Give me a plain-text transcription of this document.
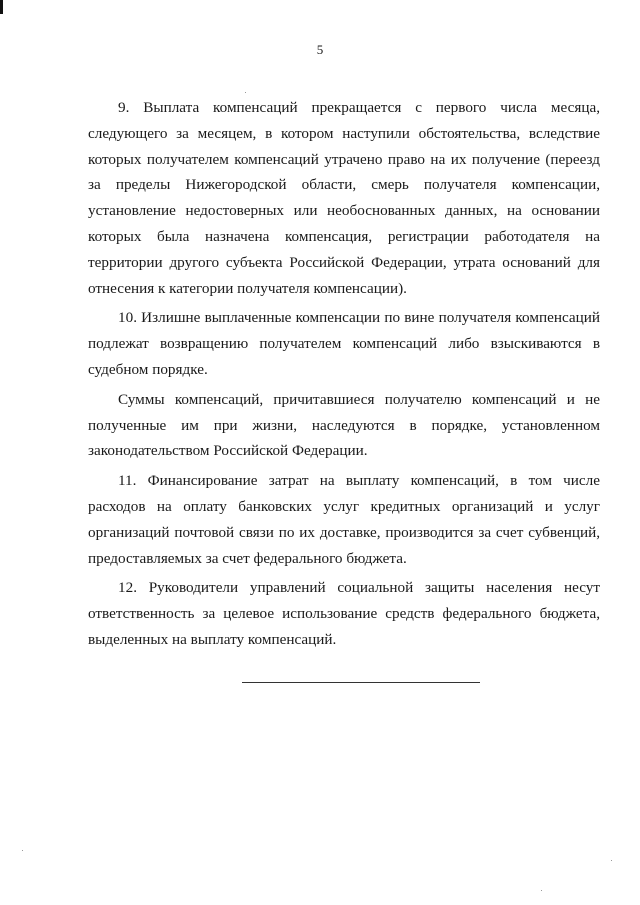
5

9. Выплата компенсаций прекращается с первого числа месяца, следующего за месяцем, в котором наступили обстоятельства, вследствие которых получателем компенсаций утрачено право на их получение (переезд за пределы Нижегородской области, смерь получателя компенсации, установление недостоверных или необоснованных данных, на основании которых была назначена компенсация, регистрации работодателя на территории другого субъекта Российской Федерации, утрата оснований для отнесения к категории получателя компенсации).

10. Излишне выплаченные компенсации по вине получателя компенсаций подлежат возвращению получателем компенсаций либо взыскиваются в судебном порядке.

Суммы компенсаций, причитавшиеся получателю компенсаций и не полученные им при жизни, наследуются в порядке, установленном законодательством Российской Федерации.

11. Финансирование затрат на выплату компенсаций, в том числе расходов на оплату банковских услуг кредитных организаций и услуг организаций почтовой связи по их доставке, производится за счет субвенций, предоставляемых за счет федерального бюджета.

12. Руководители управлений социальной защиты населения несут ответственность за целевое использование средств федерального бюджета, выделенных на выплату компенсаций.
